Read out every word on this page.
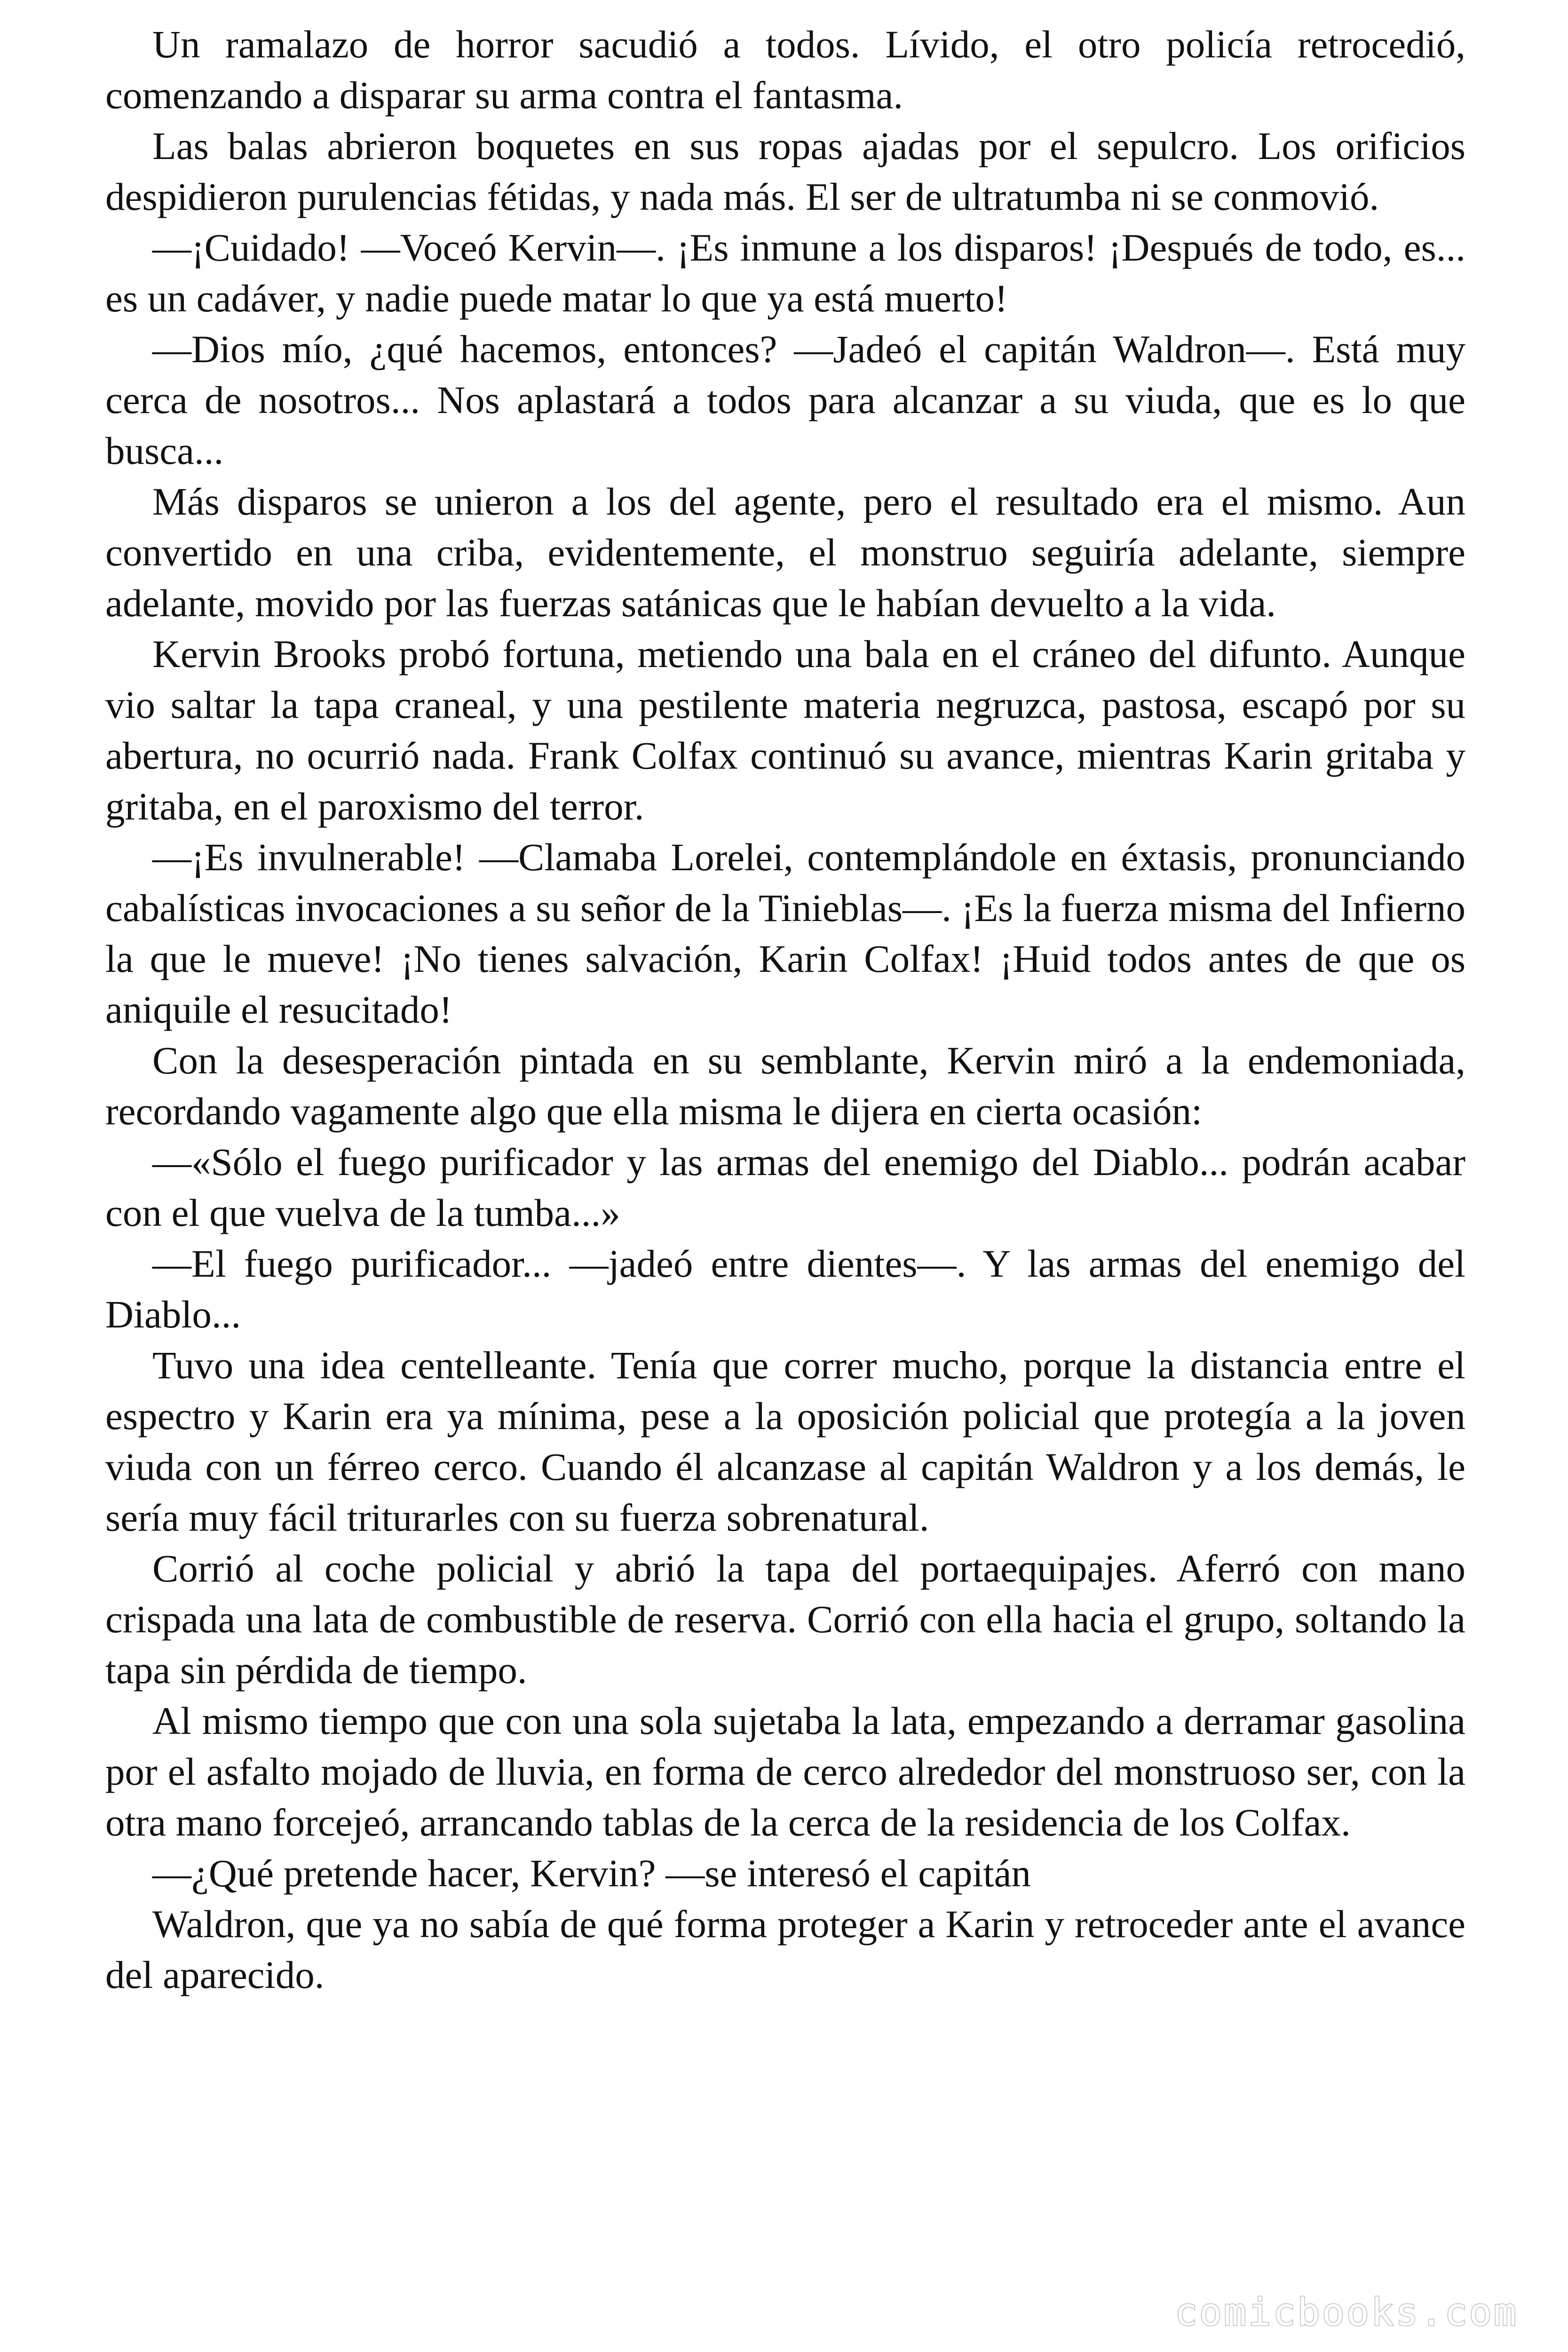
Un ramalazo de horror sacudió a todos. Lívido, el otro policía retrocedió, comenzando a disparar su arma contra el fantasma.

Las balas abrieron boquetes en sus ropas ajadas por el sepulcro. Los orificios despidieron purulencias fétidas, y nada más. El ser de ultratumba ni se conmovió.

—¡Cuidado! —Voceó Kervin—. ¡Es inmune a los disparos! ¡Después de todo, es... es un cadáver, y nadie puede matar lo que ya está muerto!

—Dios mío, ¿qué hacemos, entonces? —Jadeó el capitán Waldron—. Está muy cerca de nosotros... Nos aplastará a todos para alcanzar a su viuda, que es lo que busca...

Más disparos se unieron a los del agente, pero el resultado era el mismo. Aun convertido en una criba, evidentemente, el monstruo seguiría adelante, siempre adelante, movido por las fuerzas satánicas que le habían devuelto a la vida.

Kervin Brooks probó fortuna, metiendo una bala en el cráneo del difunto. Aunque vio saltar la tapa craneal, y una pestilente materia negruzca, pastosa, escapó por su abertura, no ocurrió nada. Frank Colfax continuó su avance, mientras Karin gritaba y gritaba, en el paroxismo del terror.

—¡Es invulnerable! —Clamaba Lorelei, contemplándole en éxtasis, pronunciando cabalísticas invocaciones a su señor de la Tinieblas—. ¡Es la fuerza misma del Infierno la que le mueve! ¡No tienes salvación, Karin Colfax! ¡Huid todos antes de que os aniquile el resucitado!

Con la desesperación pintada en su semblante, Kervin miró a la endemoniada, recordando vagamente algo que ella misma le dijera en cierta ocasión:

—«Sólo el fuego purificador y las armas del enemigo del Diablo... podrán acabar con el que vuelva de la tumba...»

—El fuego purificador... —jadeó entre dientes—. Y las armas del enemigo del Diablo...

Tuvo una idea centelleante. Tenía que correr mucho, porque la distancia entre el espectro y Karin era ya mínima, pese a la oposición policial que protegía a la joven viuda con un férreo cerco. Cuando él alcanzase al capitán Waldron y a los demás, le sería muy fácil triturarles con su fuerza sobrenatural.

Corrió al coche policial y abrió la tapa del portaequipajes. Aferró con mano crispada una lata de combustible de reserva. Corrió con ella hacia el grupo, soltando la tapa sin pérdida de tiempo.

Al mismo tiempo que con una sola sujetaba la lata, empezando a derramar gasolina por el asfalto mojado de lluvia, en forma de cerco alrededor del monstruoso ser, con la otra mano forcejeó, arrancando tablas de la cerca de la residencia de los Colfax.

—¿Qué pretende hacer, Kervin? —se interesó el capitán

Waldron, que ya no sabía de qué forma proteger a Karin y retroceder ante el avance del aparecido.

comicbooks.com
